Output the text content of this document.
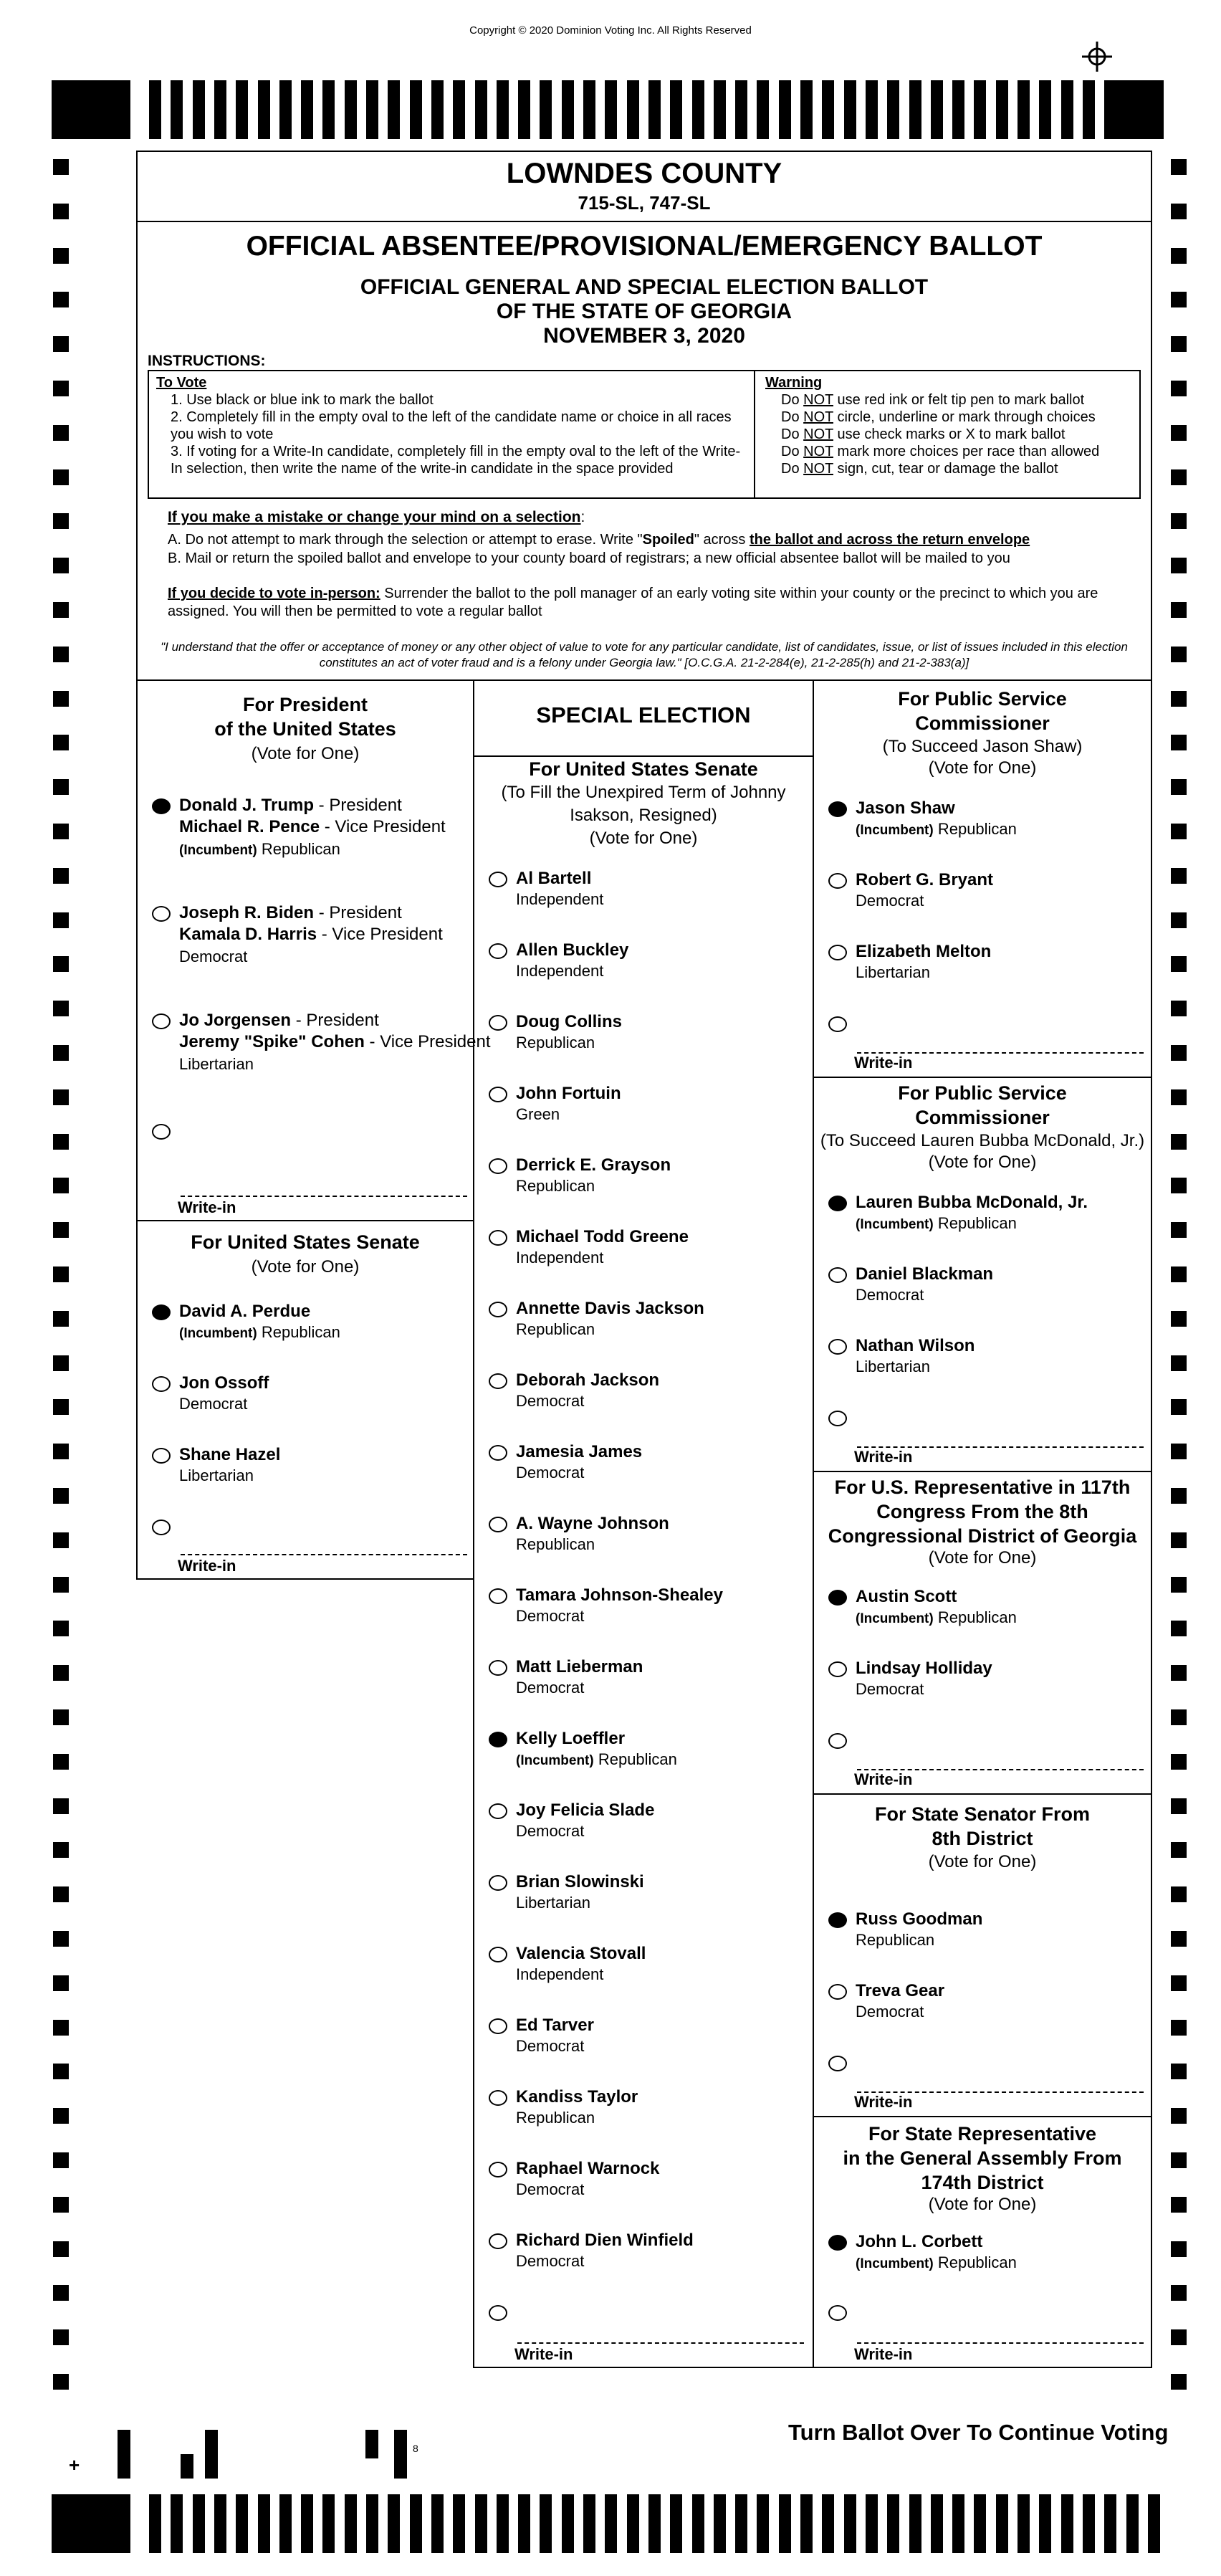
Copyright © 2020 Dominion Voting Inc. All Rights Reserved
LOWNDES COUNTY
715-SL, 747-SL
OFFICIAL ABSENTEE/PROVISIONAL/EMERGENCY BALLOT
OFFICIAL GENERAL AND SPECIAL ELECTION BALLOT
OF THE STATE OF GEORGIA
NOVEMBER 3, 2020
INSTRUCTIONS:
To Vote
1. Use black or blue ink to mark the ballot
2. Completely fill in the empty oval to the left of the candidate name or choice in all races you wish to vote
3. If voting for a Write-In candidate, completely fill in the empty oval to the left of the Write-In selection, then write the name of the write-in candidate in the space provided
Warning
Do NOT use red ink or felt tip pen to mark ballot
Do NOT circle, underline or mark through choices
Do NOT use check marks or X to mark ballot
Do NOT mark more choices per race than allowed
Do NOT sign, cut, tear or damage the ballot
If you make a mistake or change your mind on a selection:
A. Do not attempt to mark through the selection or attempt to erase. Write "Spoiled" across the ballot and across the return envelope
B. Mail or return the spoiled ballot and envelope to your county board of registrars; a new official absentee ballot will be mailed to you
If you decide to vote in-person: Surrender the ballot to the poll manager of an early voting site within your county or the precinct to which you are assigned. You will then be permitted to vote a regular ballot
"I understand that the offer or acceptance of money or any other object of value to vote for any particular candidate, list of candidates, issue, or list of issues included in this election constitutes an act of voter fraud and is a felony under Georgia law." [O.C.G.A. 21-2-284(e), 21-2-285(h) and 21-2-383(a)]
For President
of the United States
(Vote for One)
Donald J. Trump - President
Michael R. Pence - Vice President
(Incumbent) Republican
Joseph R. Biden - President
Kamala D. Harris - Vice President
Democrat
Jo Jorgensen - President
Jeremy "Spike" Cohen - Vice President
Libertarian
Write-in
For United States Senate
(Vote for One)
David A. Perdue
(Incumbent) Republican
Jon Ossoff
Democrat
Shane Hazel
Libertarian
Write-in
SPECIAL ELECTION
For United States Senate
(To Fill the Unexpired Term of Johnny
Isakson, Resigned)
(Vote for One)
Al Bartell
Independent
Allen Buckley
Independent
Doug Collins
Republican
John Fortuin
Green
Derrick E. Grayson
Republican
Michael Todd Greene
Independent
Annette Davis Jackson
Republican
Deborah Jackson
Democrat
Jamesia James
Democrat
A. Wayne Johnson
Republican
Tamara Johnson-Shealey
Democrat
Matt Lieberman
Democrat
Kelly Loeffler
(Incumbent) Republican
Joy Felicia Slade
Democrat
Brian Slowinski
Libertarian
Valencia Stovall
Independent
Ed Tarver
Democrat
Kandiss Taylor
Republican
Raphael Warnock
Democrat
Richard Dien Winfield
Democrat
Write-in
For Public Service
Commissioner
(To Succeed Jason Shaw)
(Vote for One)
Jason Shaw
(Incumbent) Republican
Robert G. Bryant
Democrat
Elizabeth Melton
Libertarian
Write-in
For Public Service
Commissioner
(To Succeed Lauren Bubba McDonald, Jr.)
(Vote for One)
Lauren Bubba McDonald, Jr.
(Incumbent) Republican
Daniel Blackman
Democrat
Nathan Wilson
Libertarian
Write-in
For U.S. Representative in 117th
Congress From the 8th
Congressional District of Georgia
(Vote for One)
Austin Scott
(Incumbent) Republican
Lindsay Holliday
Democrat
Write-in
For State Senator From
8th District
(Vote for One)
Russ Goodman
Republican
Treva Gear
Democrat
Write-in
For State Representative
in the General Assembly From
174th District
(Vote for One)
John L. Corbett
(Incumbent) Republican
Write-in
+
8
Turn Ballot Over To Continue Voting
